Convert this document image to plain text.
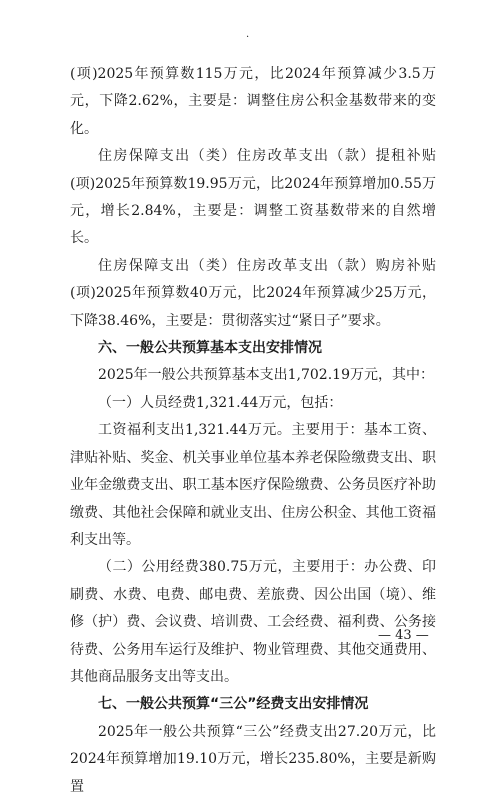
.

(项)2025年预算数115万元，比2024年预算减少3.5万元，下降2.62%，主要是：调整住房公积金基数带来的变化。

住房保障支出（类）住房改革支出（款）提租补贴(项)2025年预算数19.95万元，比2024年预算增加0.55万元，增长2.84%，主要是：调整工资基数带来的自然增长。

住房保障支出（类）住房改革支出（款）购房补贴(项)2025年预算数40万元，比2024年预算减少25万元，下降38.46%，主要是：贯彻落实过“紧日子”要求。

六、一般公共预算基本支出安排情况

2025年一般公共预算基本支出1,702.19万元，其中：

（一）人员经费1,321.44万元，包括：

工资福利支出1,321.44万元。主要用于：基本工资、津贴补贴、奖金、机关事业单位基本养老保险缴费支出、职业年金缴费支出、职工基本医疗保险缴费、公务员医疗补助缴费、其他社会保障和就业支出、住房公积金、其他工资福利支出等。

（二）公用经费380.75万元，主要用于：办公费、印刷费、水费、电费、邮电费、差旅费、因公出国（境）、维修（护）费、会议费、培训费、工会经费、福利费、公务接待费、公务用车运行及维护、物业管理费、其他交通费用、其他商品服务支出等支出。

七、一般公共预算“三公”经费支出安排情况

2025年一般公共预算“三公”经费支出27.20万元，比2024年预算增加19.10万元，增长235.80%，主要是新购置

— 43 —
